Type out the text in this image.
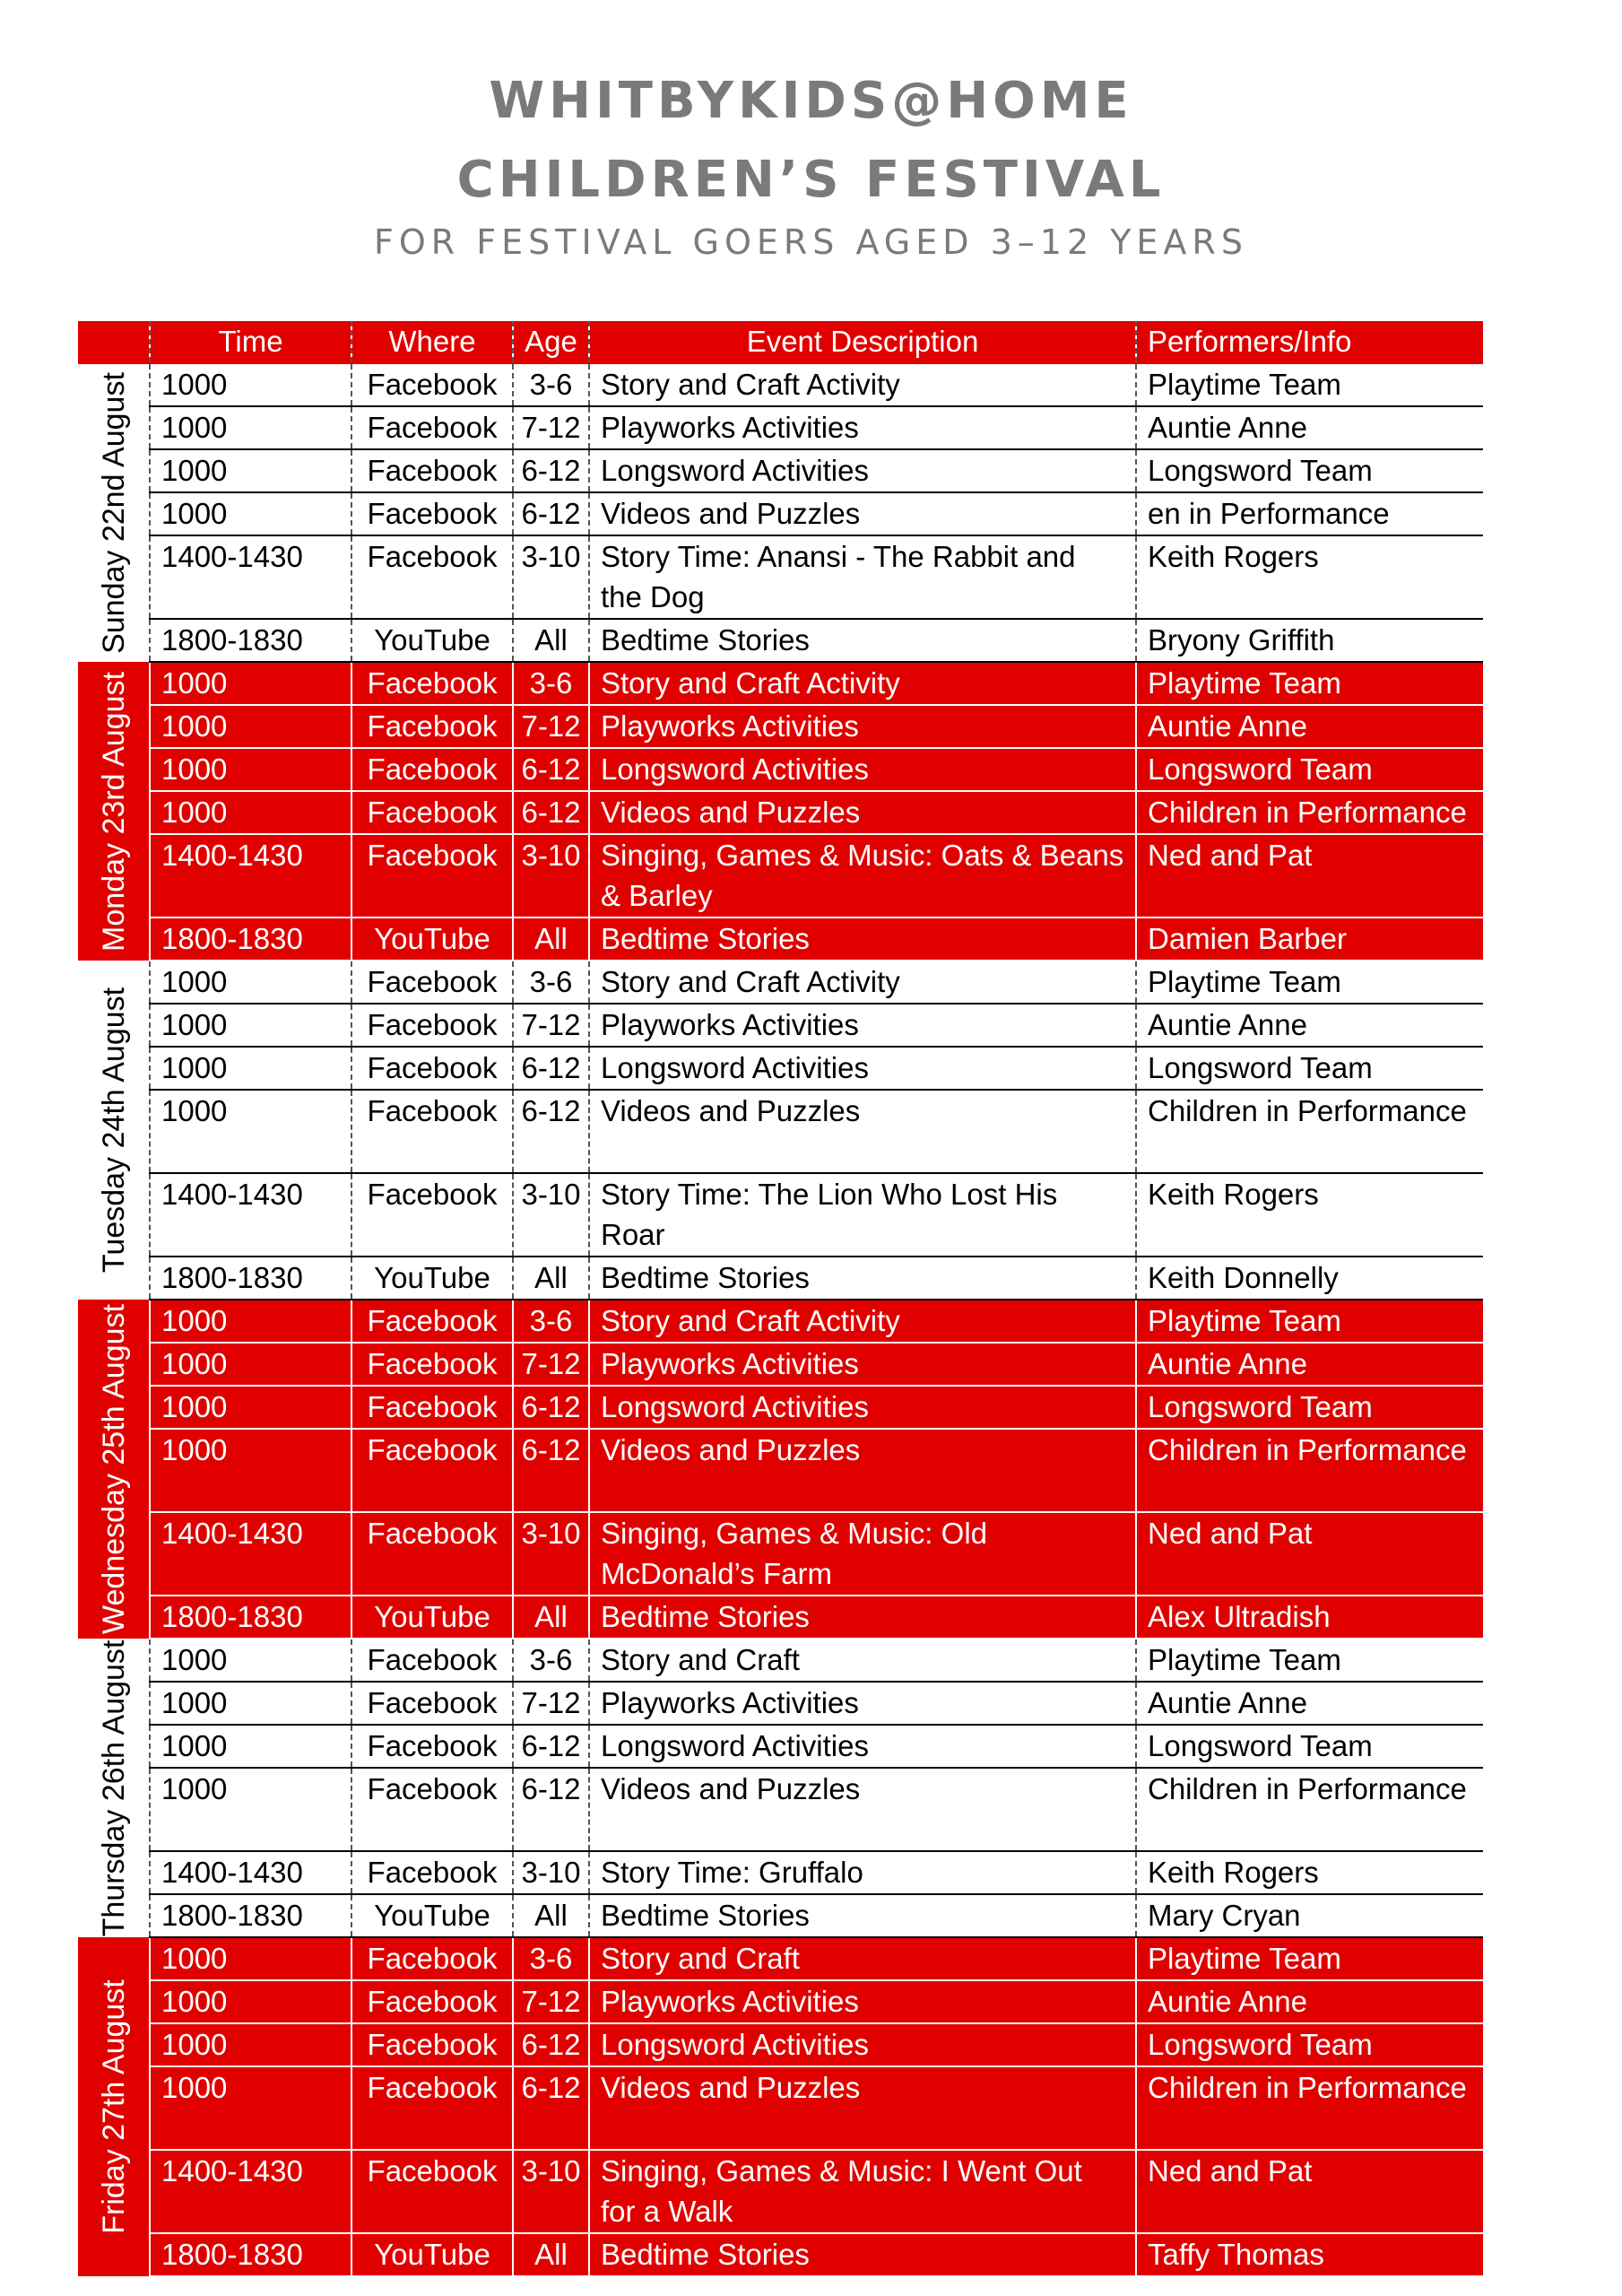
WHITBYKIDS@HOME
CHILDREN’S FESTIVAL
FOR FESTIVAL GOERS AGED 3–12 YEARS
	Time	Where	Age	Event Description	Performers/Info

Sunday 22nd August	1000	Facebook	3-6	Story and Craft Activity	Playtime Team
	1000	Facebook	7-12	Playworks Activities	Auntie Anne
	1000	Facebook	6-12	Longsword Activities	Longsword Team
	1000	Facebook	6-12	Videos and Puzzles	en in Performance
	1400-1430	Facebook	3-10	Story Time: Anansi - The Rabbit and the Dog	Keith Rogers
	1800-1830	YouTube	All	Bedtime Stories	Bryony Griffith

Monday 23rd August	1000	Facebook	3-6	Story and Craft Activity	Playtime Team
	1000	Facebook	7-12	Playworks Activities	Auntie Anne
	1000	Facebook	6-12	Longsword Activities	Longsword Team
	1000	Facebook	6-12	Videos and Puzzles	Children in Performance
	1400-1430	Facebook	3-10	Singing, Games & Music: Oats & Beans & Barley	Ned and Pat
	1800-1830	YouTube	All	Bedtime Stories	Damien Barber

Tuesday 24th August	1000	Facebook	3-6	Story and Craft Activity	Playtime Team
	1000	Facebook	7-12	Playworks Activities	Auntie Anne
	1000	Facebook	6-12	Longsword Activities	Longsword Team
	1000	Facebook	6-12	Videos and Puzzles	Children in Performance
	1400-1430	Facebook	3-10	Story Time: The Lion Who Lost His Roar	Keith Rogers
	1800-1830	YouTube	All	Bedtime Stories	Keith Donnelly

Wednesday 25th August	1000	Facebook	3-6	Story and Craft Activity	Playtime Team
	1000	Facebook	7-12	Playworks Activities	Auntie Anne
	1000	Facebook	6-12	Longsword Activities	Longsword Team
	1000	Facebook	6-12	Videos and Puzzles	Children in Performance
	1400-1430	Facebook	3-10	Singing, Games & Music: Old McDonald’s Farm	Ned and Pat
	1800-1830	YouTube	All	Bedtime Stories	Alex Ultradish

Thursday 26th August	1000	Facebook	3-6	Story and Craft	Playtime Team
	1000	Facebook	7-12	Playworks Activities	Auntie Anne
	1000	Facebook	6-12	Longsword Activities	Longsword Team
	1000	Facebook	6-12	Videos and Puzzles	Children in Performance
	1400-1430	Facebook	3-10	Story Time: Gruffalo	Keith Rogers
	1800-1830	YouTube	All	Bedtime Stories	Mary Cryan

Friday 27th August	1000	Facebook	3-6	Story and Craft	Playtime Team
	1000	Facebook	7-12	Playworks Activities	Auntie Anne
	1000	Facebook	6-12	Longsword Activities	Longsword Team
	1000	Facebook	6-12	Videos and Puzzles	Children in Performance
	1400-1430	Facebook	3-10	Singing, Games & Music: I Went Out for a Walk	Ned and Pat
	1800-1830	YouTube	All	Bedtime Stories	Taffy Thomas
